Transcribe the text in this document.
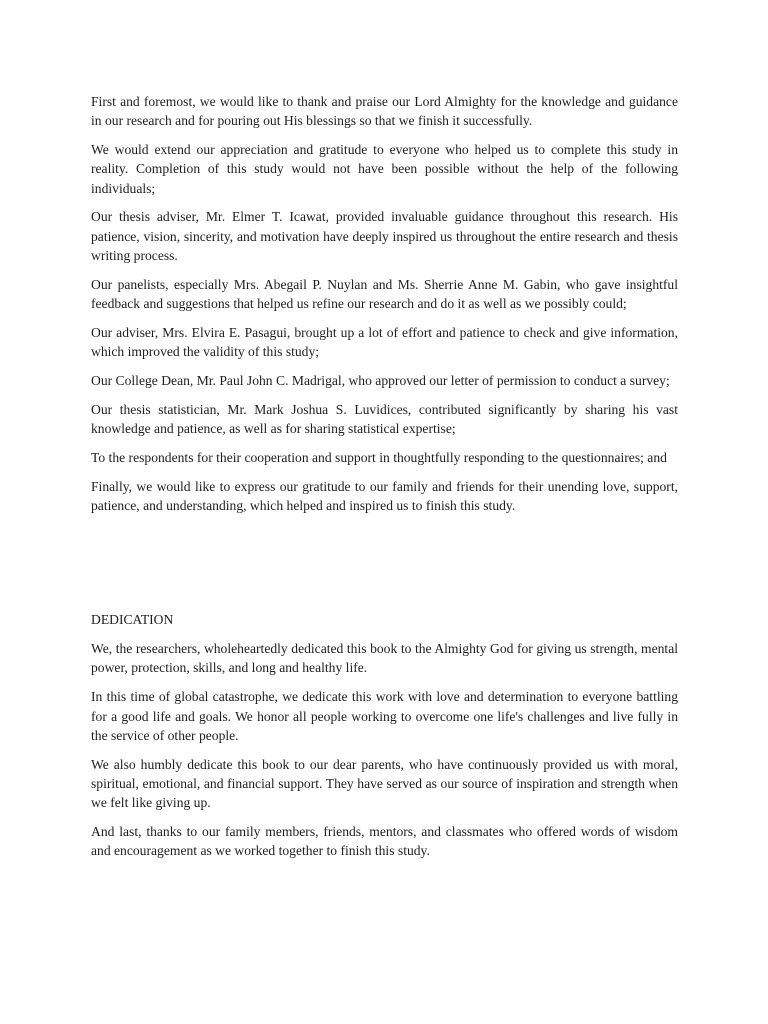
First and foremost, we would like to thank and praise our Lord Almighty for the knowledge and guidance in our research and for pouring out His blessings so that we finish it successfully.

We would extend our appreciation and gratitude to everyone who helped us to complete this study in reality. Completion of this study would not have been possible without the help of the following individuals;

Our thesis adviser, Mr. Elmer T. Icawat, provided invaluable guidance throughout this research. His patience, vision, sincerity, and motivation have deeply inspired us throughout the entire research and thesis writing process.

Our panelists, especially Mrs. Abegail P. Nuylan and Ms. Sherrie Anne M. Gabin, who gave insightful feedback and suggestions that helped us refine our research and do it as well as we possibly could;

Our adviser, Mrs. Elvira E. Pasagui, brought up a lot of effort and patience to check and give information, which improved the validity of this study;

Our College Dean, Mr. Paul John C. Madrigal, who approved our letter of permission to conduct a survey;

Our thesis statistician, Mr. Mark Joshua S. Luvidices, contributed significantly by sharing his vast knowledge and patience, as well as for sharing statistical expertise;

To the respondents for their cooperation and support in thoughtfully responding to the questionnaires; and

Finally, we would like to express our gratitude to our family and friends for their unending love, support, patience, and understanding, which helped and inspired us to finish this study.

DEDICATION

We, the researchers, wholeheartedly dedicated this book to the Almighty God for giving us strength, mental power, protection, skills, and long and healthy life.

In this time of global catastrophe, we dedicate this work with love and determination to everyone battling for a good life and goals. We honor all people working to overcome one life's challenges and live fully in the service of other people.

We also humbly dedicate this book to our dear parents, who have continuously provided us with moral, spiritual, emotional, and financial support. They have served as our source of inspiration and strength when we felt like giving up.

And last, thanks to our family members, friends, mentors, and classmates who offered words of wisdom and encouragement as we worked together to finish this study.
